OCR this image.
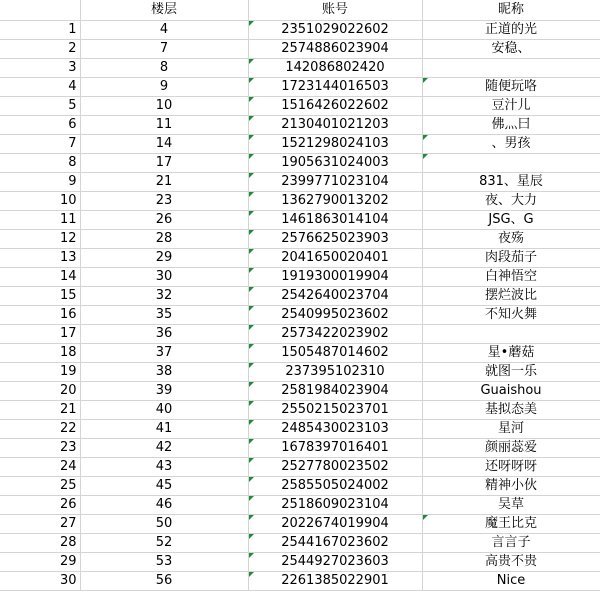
	楼层	账号	昵称
1	4	2351029022602	正道的光
2	7	2574886023904	安稳、
3	8	142086802420

4	9	1723144016503	随便玩咯

5	10	1516426022602	豆汁儿
6	11	2130401021203	佛灬曰
7	14	1521298024103	、男孩

8	17	1905631024003

9	21	2399771023104	831、星辰
10	23	1362790013202	夜、大力
11	26	1461863014104	JSG、G
12	28	2576625023903	夜殇
13	29	2041650020401	肉段茄子
14	30	1919300019904	白神悟空
15	32	2542640023704	摆烂波比
16	35	2540995023602	不知火舞
17	36	2573422023902

18	37	1505487014602	星•蘑菇
19	38	237395102310	就图一乐
20	39	2581984023904	Guaishou
21	40	2550215023701	基拟态美
22	41	2485430023103	星河
23	42	1678397016401	颜丽蕊爱
24	43	2527780023502	还呀呀呀
25	45	2585505024002	精神小伙
26	46	2518609023104	吴草
27	50	2022674019904	魔王比克

28	52	2544167023602	言言子
29	53	2544927023603	高贵不贵
30	56	2261385022901	Nice
